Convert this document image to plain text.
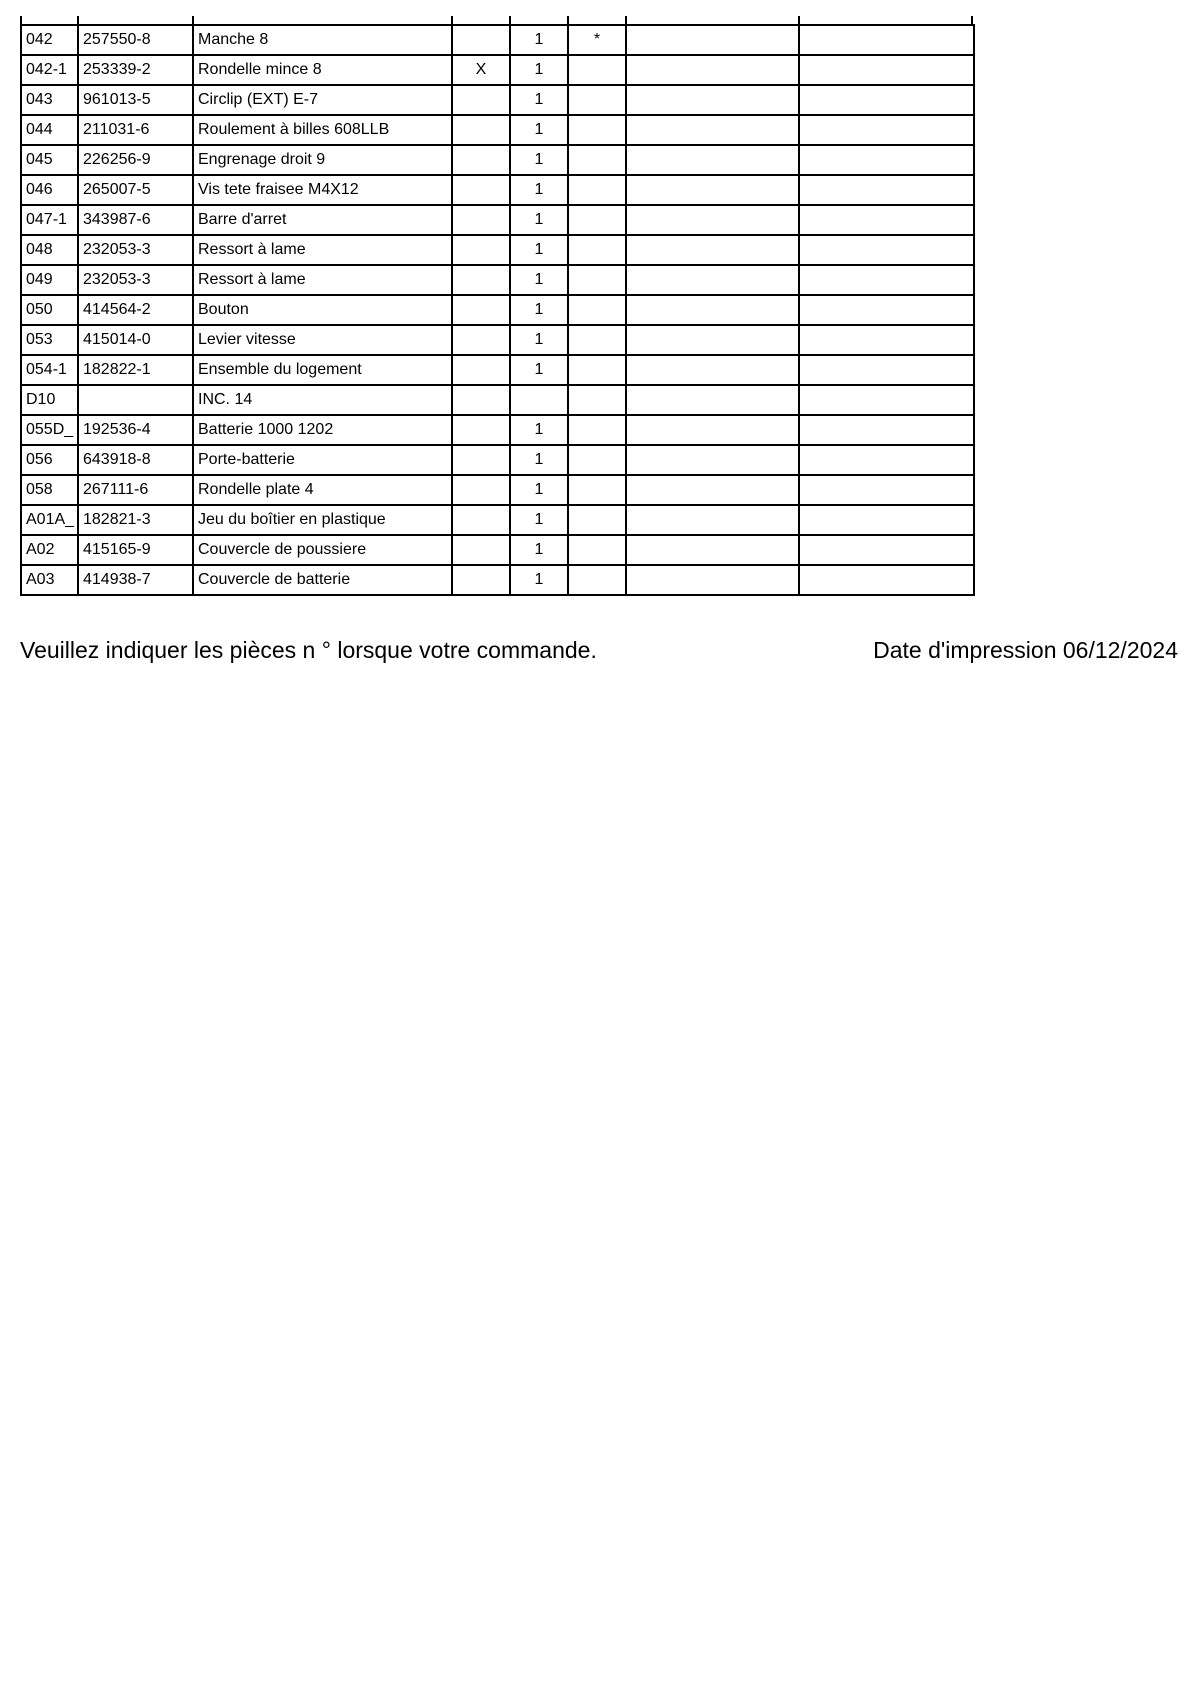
042	257550-8	Manche 8		1	*		
042-1	253339-2	Rondelle mince 8	X	1			
043	961013-5	Circlip (EXT) E-7		1			
044	211031-6	Roulement à billes 608LLB		1			
045	226256-9	Engrenage droit 9		1			
046	265007-5	Vis tete fraisee M4X12		1			
047-1	343987-6	Barre d'arret		1			
048	232053-3	Ressort à lame		1			
049	232053-3	Ressort à lame		1			
050	414564-2	Bouton		1			
053	415014-0	Levier vitesse		1			
054-1	182822-1	Ensemble du logement		1			
D10		INC. 14					
055D_	192536-4	Batterie 1000 1202		1			
056	643918-8	Porte-batterie		1			
058	267111-6	Rondelle plate 4		1			
A01A_	182821-3	Jeu du boîtier en plastique		1			
A02	415165-9	Couvercle de poussiere		1			
A03	414938-7	Couvercle de batterie		1			
Veuillez indiquer les pièces n ° lorsque votre commande.	Date d'impression 06/12/2024
